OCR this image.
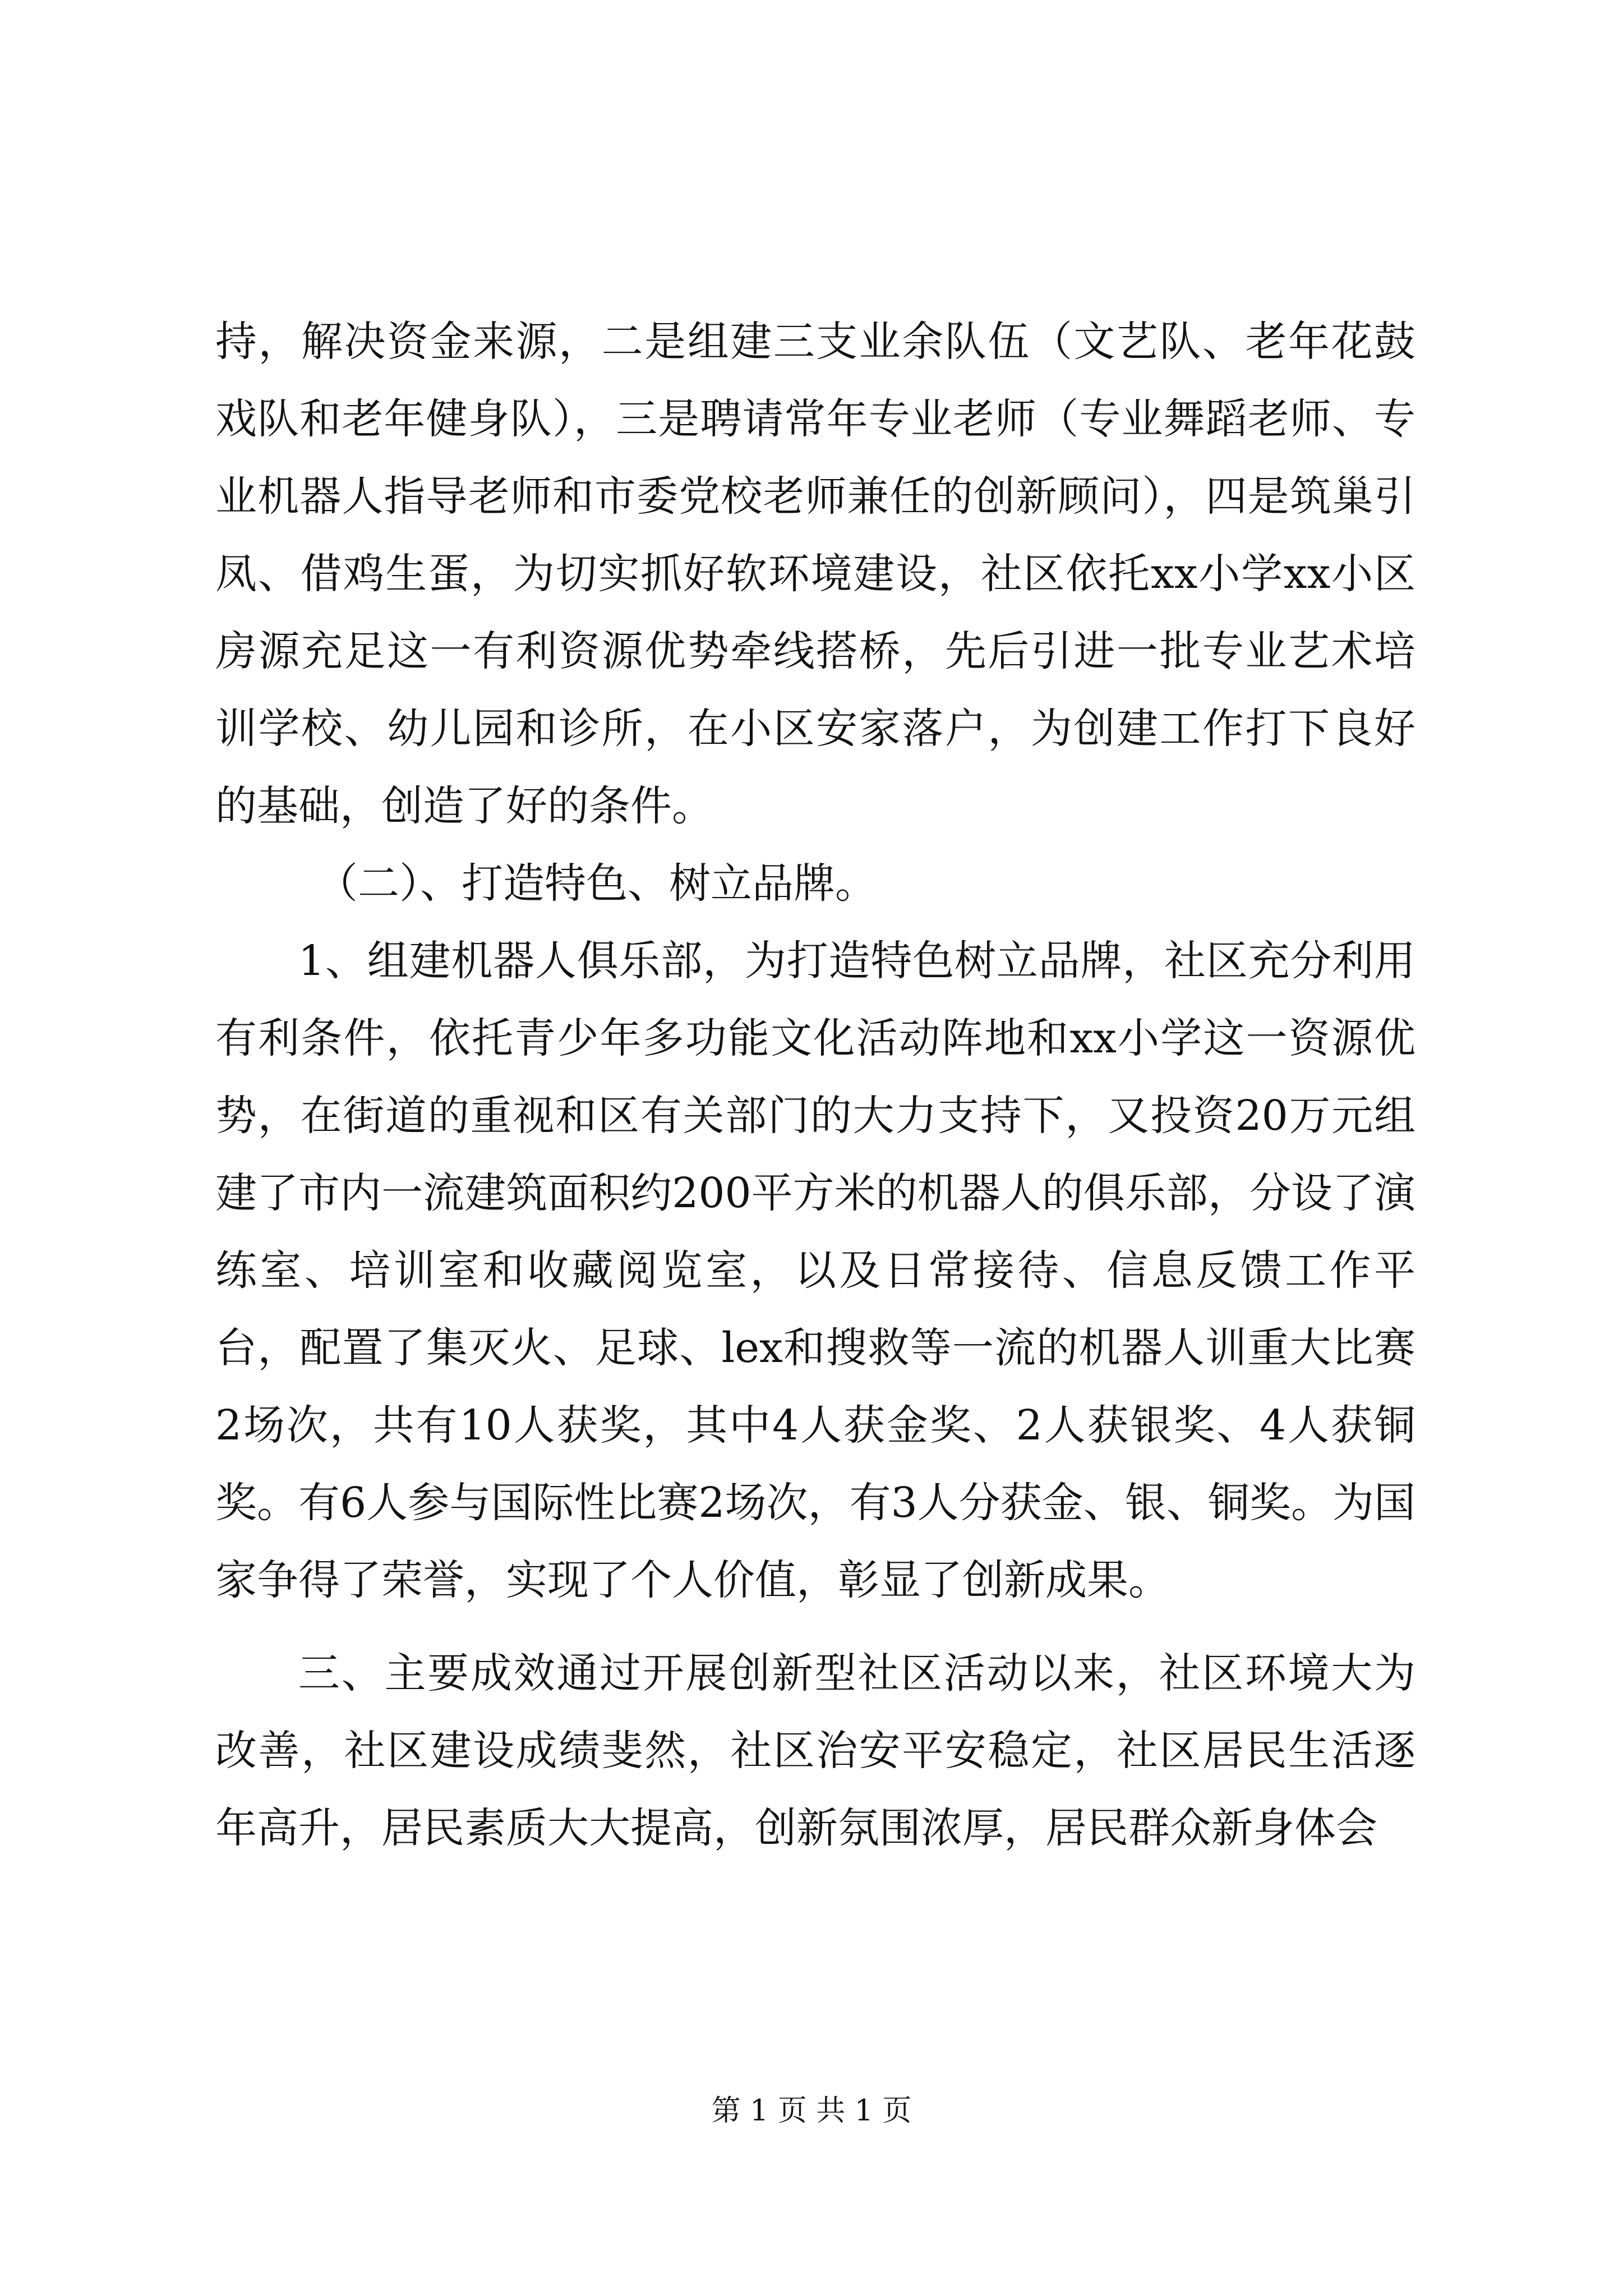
持，解决资金来源，二是组建三支业余队伍（文艺队、老年花鼓戏队和老年健身队），三是聘请常年专业老师（专业舞蹈老师、专业机器人指导老师和市委党校老师兼任的创新顾问），四是筑巢引凤、借鸡生蛋，为切实抓好软环境建设，社区依托xx小学xx小区房源充足这一有利资源优势牵线搭桥，先后引进一批专业艺术培训学校、幼儿园和诊所，在小区安家落户，为创建工作打下良好的基础，创造了好的条件。

（二）、打造特色、树立品牌。

1、组建机器人俱乐部，为打造特色树立品牌，社区充分利用有利条件，依托青少年多功能文化活动阵地和xx小学这一资源优势，在街道的重视和区有关部门的大力支持下，又投资20万元组建了市内一流建筑面积约200平方米的机器人的俱乐部，分设了演练室、培训室和收藏阅览室，以及日常接待、信息反馈工作平台，配置了集灭火、足球、lex和搜救等一流的机器人训重大比赛2场次，共有10人获奖，其中4人获金奖、2人获银奖、4人获铜奖。有6人参与国际性比赛2场次，有3人分获金、银、铜奖。为国家争得了荣誉，实现了个人价值，彰显了创新成果。

三、主要成效通过开展创新型社区活动以来，社区环境大为改善，社区建设成绩斐然，社区治安平安稳定，社区居民生活逐年高升，居民素质大大提高，创新氛围浓厚，居民群众新身体会

第 1 页 共 1 页
